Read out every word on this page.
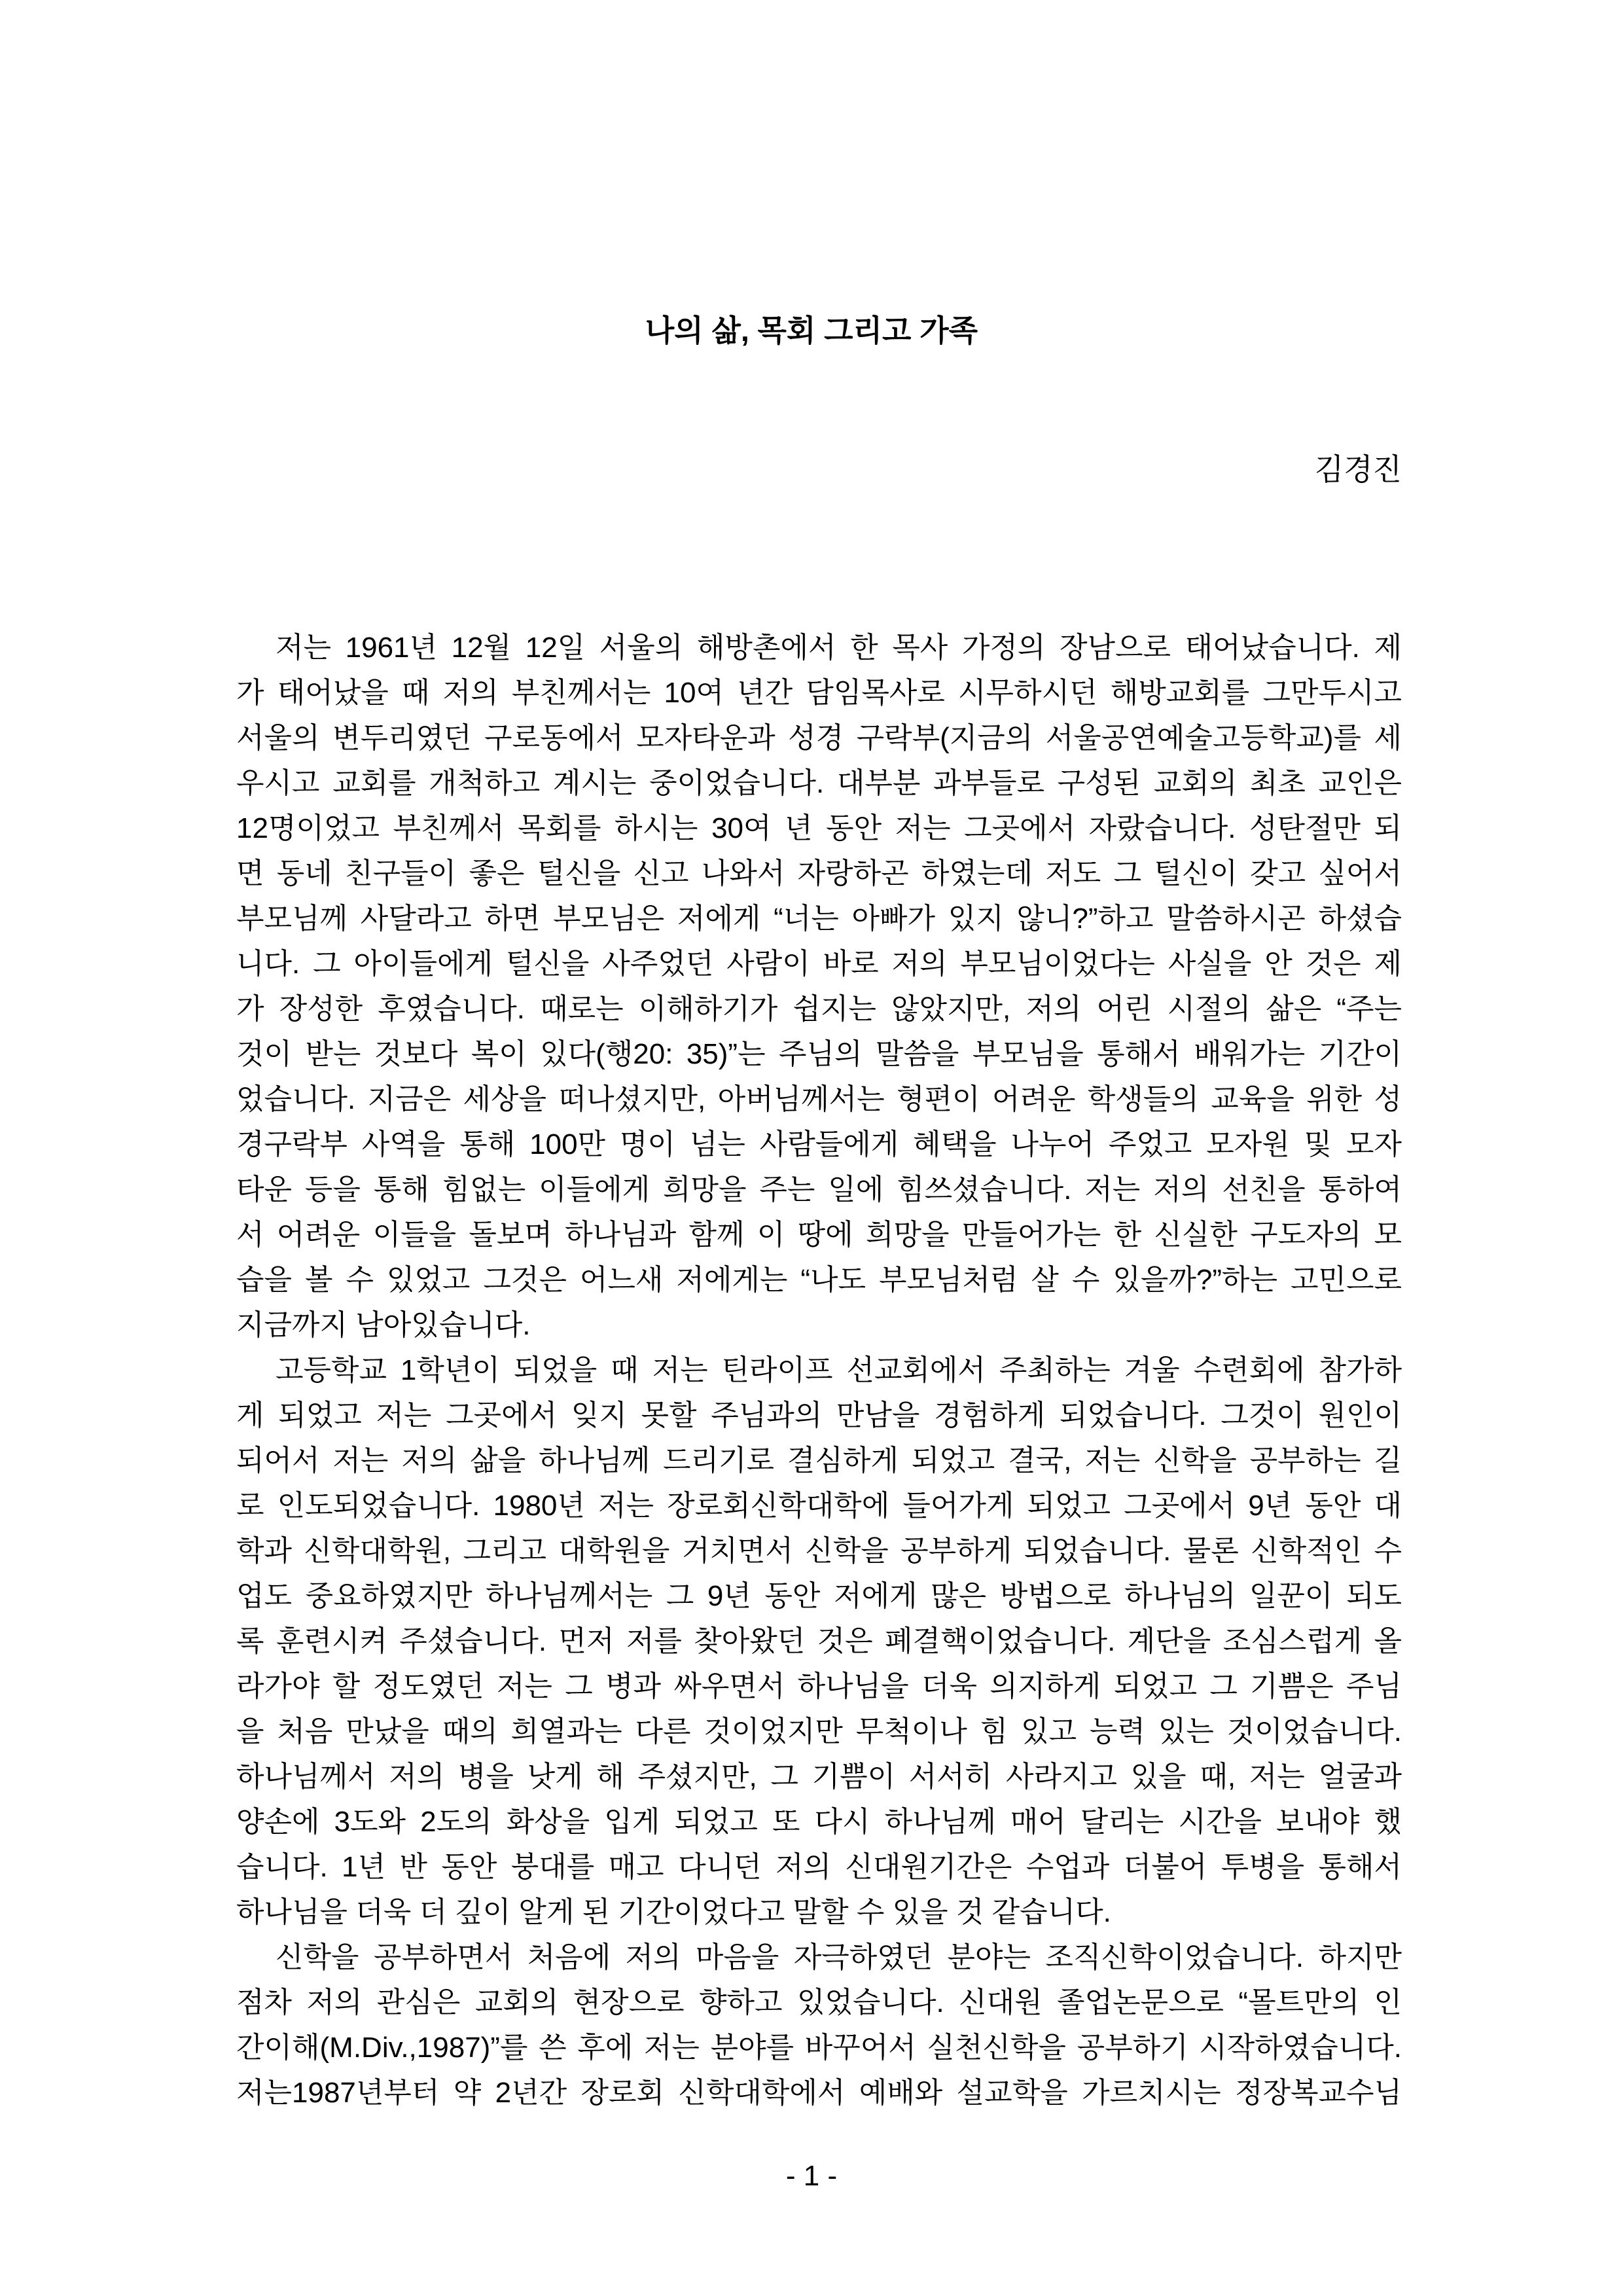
나의 삶, 목회 그리고 가족
김경진
저는 1961년 12월 12일 서울의 해방촌에서 한 목사 가정의 장남으로 태어났습니다. 제
가 태어났을 때 저의 부친께서는 10여 년간 담임목사로 시무하시던 해방교회를 그만두시고
서울의 변두리였던 구로동에서 모자타운과 성경 구락부(지금의 서울공연예술고등학교)를 세
우시고 교회를 개척하고 계시는 중이었습니다. 대부분 과부들로 구성된 교회의 최초 교인은
12명이었고 부친께서 목회를 하시는 30여 년 동안 저는 그곳에서 자랐습니다. 성탄절만 되
면 동네 친구들이 좋은 털신을 신고 나와서 자랑하곤 하였는데 저도 그 털신이 갖고 싶어서
부모님께 사달라고 하면 부모님은 저에게 “너는 아빠가 있지 않니?”하고 말씀하시곤 하셨습
니다. 그 아이들에게 털신을 사주었던 사람이 바로 저의 부모님이었다는 사실을 안 것은 제
가 장성한 후였습니다. 때로는 이해하기가 쉽지는 않았지만, 저의 어린 시절의 삶은 “주는
것이 받는 것보다 복이 있다(행20: 35)”는 주님의 말씀을 부모님을 통해서 배워가는 기간이
었습니다. 지금은 세상을 떠나셨지만, 아버님께서는 형편이 어려운 학생들의 교육을 위한 성
경구락부 사역을 통해 100만 명이 넘는 사람들에게 혜택을 나누어 주었고 모자원 및 모자
타운 등을 통해 힘없는 이들에게 희망을 주는 일에 힘쓰셨습니다. 저는 저의 선친을 통하여
서 어려운 이들을 돌보며 하나님과 함께 이 땅에 희망을 만들어가는 한 신실한 구도자의 모
습을 볼 수 있었고 그것은 어느새 저에게는 “나도 부모님처럼 살 수 있을까?”하는 고민으로
지금까지 남아있습니다.
고등학교 1학년이 되었을 때 저는 틴라이프 선교회에서 주최하는 겨울 수련회에 참가하
게 되었고 저는 그곳에서 잊지 못할 주님과의 만남을 경험하게 되었습니다. 그것이 원인이
되어서 저는 저의 삶을 하나님께 드리기로 결심하게 되었고 결국, 저는 신학을 공부하는 길
로 인도되었습니다. 1980년 저는 장로회신학대학에 들어가게 되었고 그곳에서 9년 동안 대
학과 신학대학원, 그리고 대학원을 거치면서 신학을 공부하게 되었습니다. 물론 신학적인 수
업도 중요하였지만 하나님께서는 그 9년 동안 저에게 많은 방법으로 하나님의 일꾼이 되도
록 훈련시켜 주셨습니다. 먼저 저를 찾아왔던 것은 폐결핵이었습니다. 계단을 조심스럽게 올
라가야 할 정도였던 저는 그 병과 싸우면서 하나님을 더욱 의지하게 되었고 그 기쁨은 주님
을 처음 만났을 때의 희열과는 다른 것이었지만 무척이나 힘 있고 능력 있는 것이었습니다.
하나님께서 저의 병을 낫게 해 주셨지만, 그 기쁨이 서서히 사라지고 있을 때, 저는 얼굴과
양손에 3도와 2도의 화상을 입게 되었고 또 다시 하나님께 매어 달리는 시간을 보내야 했
습니다. 1년 반 동안 붕대를 매고 다니던 저의 신대원기간은 수업과 더불어 투병을 통해서
하나님을 더욱 더 깊이 알게 된 기간이었다고 말할 수 있을 것 같습니다.
신학을 공부하면서 처음에 저의 마음을 자극하였던 분야는 조직신학이었습니다. 하지만
점차 저의 관심은 교회의 현장으로 향하고 있었습니다. 신대원 졸업논문으로 “몰트만의 인
간이해(M.Div.,1987)”를 쓴 후에 저는 분야를 바꾸어서 실천신학을 공부하기 시작하였습니다.
저는1987년부터 약 2년간 장로회 신학대학에서 예배와 설교학을 가르치시는 정장복교수님
- 1 -
